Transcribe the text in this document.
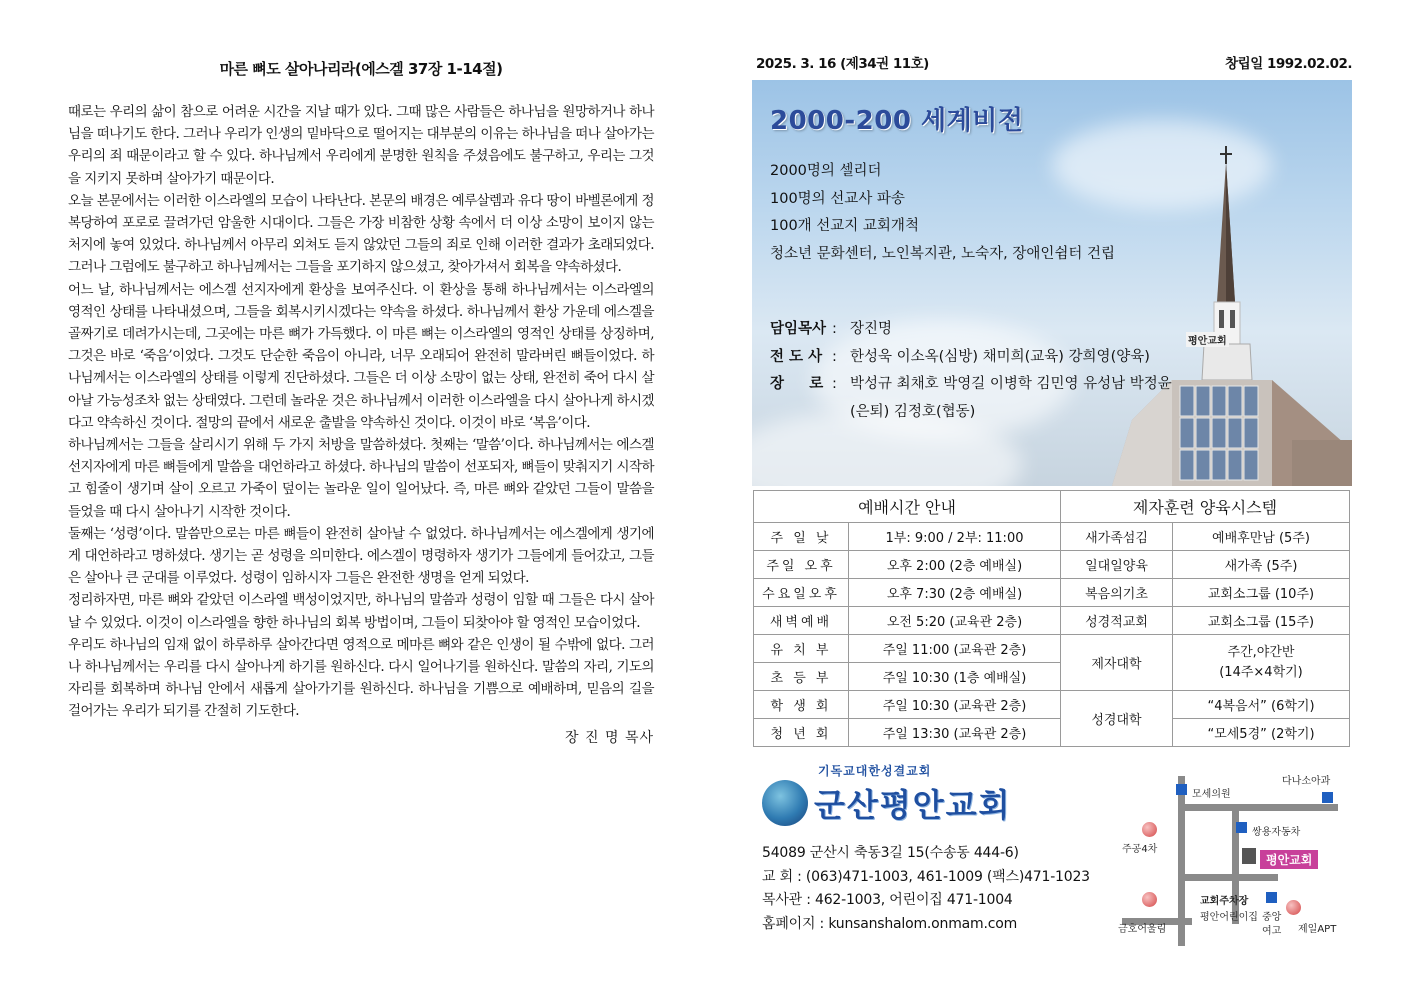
마른 뼈도 살아나리라(에스겔 37장 1-14절)

때로는 우리의 삶이 참으로 어려운 시간을 지날 때가 있다. 그때 많은 사람들은 하나님을 원망하거나 하나님을 떠나기도 한다. 그러나 우리가 인생의 밑바닥으로 떨어지는 대부분의 이유는 하나님을 떠나 살아가는 우리의 죄 때문이라고 할 수 있다. 하나님께서 우리에게 분명한 원칙을 주셨음에도 불구하고, 우리는 그것을 지키지 못하며 살아가기 때문이다.

오늘 본문에서는 이러한 이스라엘의 모습이 나타난다. 본문의 배경은 예루살렘과 유다 땅이 바벨론에게 정복당하여 포로로 끌려가던 암울한 시대이다. 그들은 가장 비참한 상황 속에서 더 이상 소망이 보이지 않는 처지에 놓여 있었다. 하나님께서 아무리 외쳐도 듣지 않았던 그들의 죄로 인해 이러한 결과가 초래되었다. 그러나 그럼에도 불구하고 하나님께서는 그들을 포기하지 않으셨고, 찾아가셔서 회복을 약속하셨다.

어느 날, 하나님께서는 에스겔 선지자에게 환상을 보여주신다. 이 환상을 통해 하나님께서는 이스라엘의 영적인 상태를 나타내셨으며, 그들을 회복시키시겠다는 약속을 하셨다. 하나님께서 환상 가운데 에스겔을 골짜기로 데려가시는데, 그곳에는 마른 뼈가 가득했다. 이 마른 뼈는 이스라엘의 영적인 상태를 상징하며, 그것은 바로 ‘죽음’이었다. 그것도 단순한 죽음이 아니라, 너무 오래되어 완전히 말라버린 뼈들이었다. 하나님께서는 이스라엘의 상태를 이렇게 진단하셨다. 그들은 더 이상 소망이 없는 상태, 완전히 죽어 다시 살아날 가능성조차 없는 상태였다. 그런데 놀라운 것은 하나님께서 이러한 이스라엘을 다시 살아나게 하시겠다고 약속하신 것이다. 절망의 끝에서 새로운 출발을 약속하신 것이다. 이것이 바로 ‘복음’이다.

하나님께서는 그들을 살리시기 위해 두 가지 처방을 말씀하셨다. 첫째는 ‘말씀’이다. 하나님께서는 에스겔 선지자에게 마른 뼈들에게 말씀을 대언하라고 하셨다. 하나님의 말씀이 선포되자, 뼈들이 맞춰지기 시작하고 힘줄이 생기며 살이 오르고 가죽이 덮이는 놀라운 일이 일어났다. 즉, 마른 뼈와 같았던 그들이 말씀을 들었을 때 다시 살아나기 시작한 것이다.

둘째는 ‘성령’이다. 말씀만으로는 마른 뼈들이 완전히 살아날 수 없었다. 하나님께서는 에스겔에게 생기에게 대언하라고 명하셨다. 생기는 곧 성령을 의미한다. 에스겔이 명령하자 생기가 그들에게 들어갔고, 그들은 살아나 큰 군대를 이루었다. 성령이 임하시자 그들은 완전한 생명을 얻게 되었다.

정리하자면, 마른 뼈와 같았던 이스라엘 백성이었지만, 하나님의 말씀과 성령이 임할 때 그들은 다시 살아날 수 있었다. 이것이 이스라엘을 향한 하나님의 회복 방법이며, 그들이 되찾아야 할 영적인 모습이었다.

우리도 하나님의 임재 없이 하루하루 살아간다면 영적으로 메마른 뼈와 같은 인생이 될 수밖에 없다. 그러나 하나님께서는 우리를 다시 살아나게 하기를 원하신다. 다시 일어나기를 원하신다. 말씀의 자리, 기도의 자리를 회복하며 하나님 안에서 새롭게 살아가기를 원하신다. 하나님을 기쁨으로 예배하며, 믿음의 길을 걸어가는 우리가 되기를 간절히 기도한다.

장 진 명 목사
2025. 3. 16 (제34권 11호)	창립일 1992.02.02.
평안교회
2000-200 세계비전
2000명의 셀리더
100명의 선교사 파송
100개 선교지 교회개척
청소년 문화센터, 노인복지관, 노숙자, 장애인쉼터 건립
담임목사 : 장진명
전 도 사 : 한성욱 이소옥(심방) 채미희(교육) 강희영(양육)
장     로 : 박성규 최채호 박영길 이병학 김민영 유성남 박정윤(은퇴) 김정호(협동)
예배시간 안내		제자훈련 양육시스템	
주 일 낮	1부: 9:00 / 2부: 11:00	새가족섬김	예배후만남 (5주)
주일 오후	오후 2:00 (2층 예배실)	일대일양육	새가족 (5주)
수요일오후	오후 7:30 (2층 예배실)	복음의기초	교회소그룹 (10주)
새벽예배	오전 5:20 (교육관 2층)	성경적교회	교회소그룹 (15주)
유 치 부	주일 11:00 (교육관 2층)	제자대학	주간,야간반
(14주×4학기)

초 등 부	주일 10:30 (1층 예배실)		
학 생 회	주일 10:30 (교육관 2층)	성경대학	“4복음서” (6학기)
청 년 회	주일 13:30 (교육관 2층)		“모세5경” (2학기)
기독교대한성결교회
군산평안교회
54089 군산시 축동3길 15(수송동 444-6)
교 회 : (063)471-1003, 461-1009 (팩스)471-1023
목사관 : 462-1003, 어린이집 471-1004
홈페이지 : kunsanshalom.onmam.com
다나소아과
모세의원
쌍용자동차
주공4차
평안교회
금호어울림
교회주차장
평안어린이집 중앙
여고 제일APT
